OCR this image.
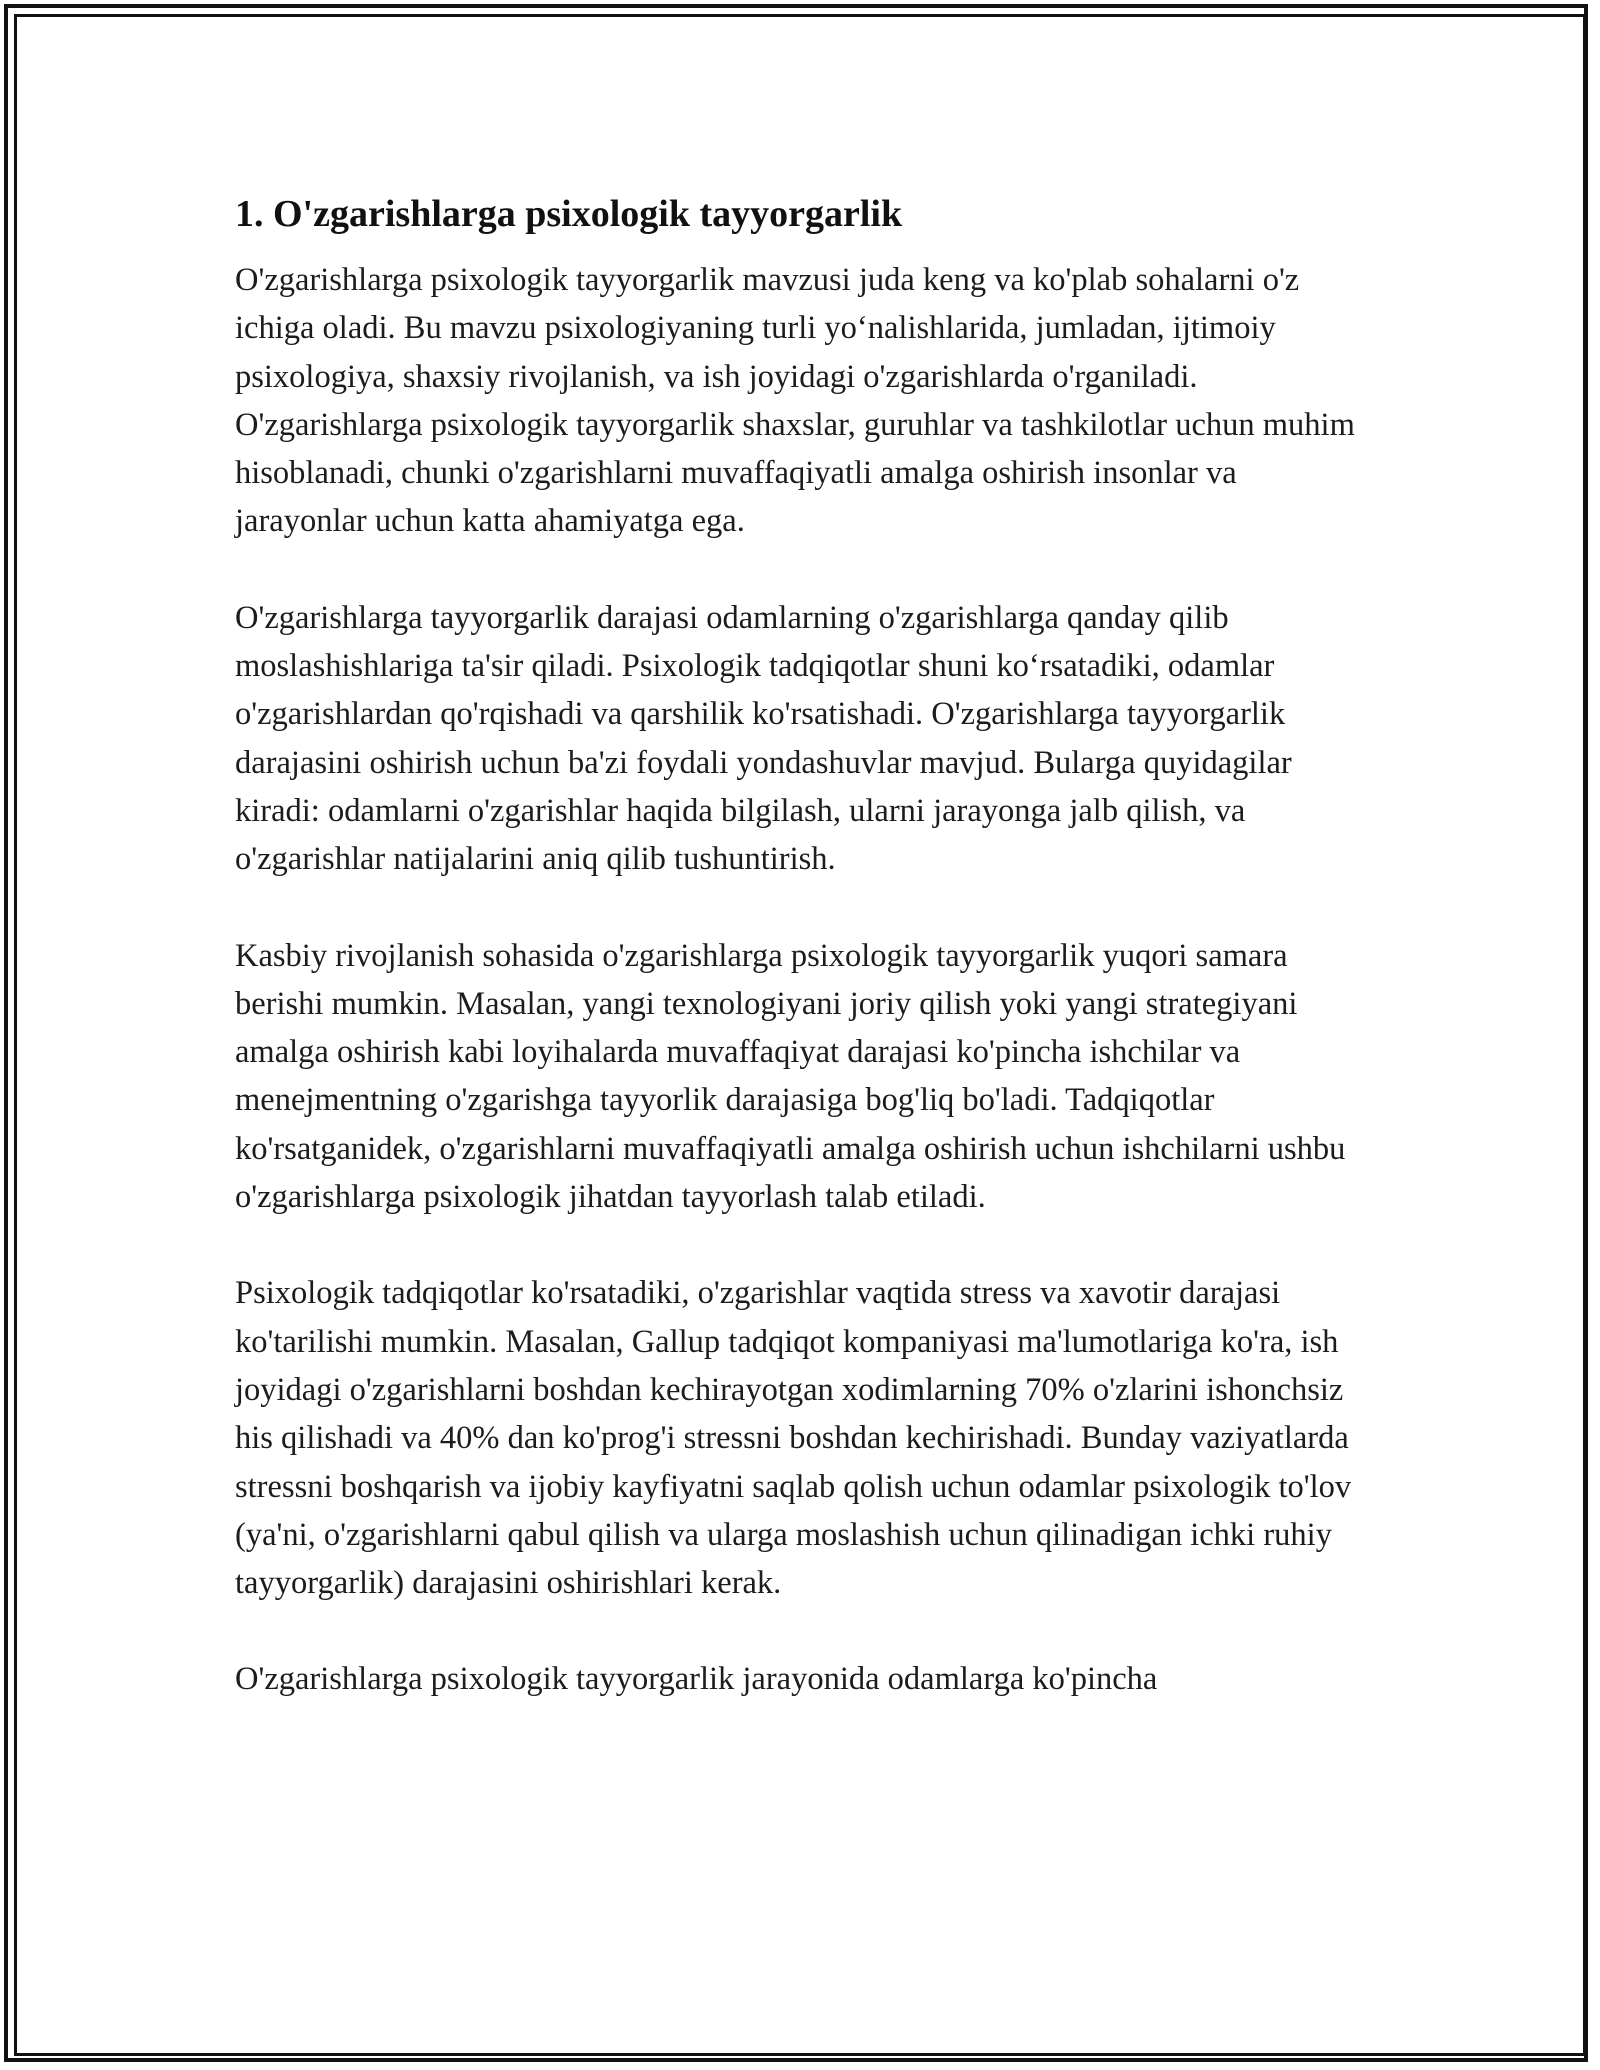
1. O'zgarishlarga psixologik tayyorgarlik

O'zgarishlarga psixologik tayyorgarlik mavzusi juda keng va ko'plab sohalarni o'z ichiga oladi. Bu mavzu psixologiyaning turli yo‘nalishlarida, jumladan, ijtimoiy psixologiya, shaxsiy rivojlanish, va ish joyidagi o'zgarishlarda o'rganiladi. O'zgarishlarga psixologik tayyorgarlik shaxslar, guruhlar va tashkilotlar uchun muhim hisoblanadi, chunki o'zgarishlarni muvaffaqiyatli amalga oshirish insonlar va jarayonlar uchun katta ahamiyatga ega.

O'zgarishlarga tayyorgarlik darajasi odamlarning o'zgarishlarga qanday qilib moslashishlariga ta'sir qiladi. Psixologik tadqiqotlar shuni ko‘rsatadiki, odamlar o'zgarishlardan qo'rqishadi va qarshilik ko'rsatishadi. O'zgarishlarga tayyorgarlik darajasini oshirish uchun ba'zi foydali yondashuvlar mavjud. Bularga quyidagilar kiradi: odamlarni o'zgarishlar haqida bilgilash, ularni jarayonga jalb qilish, va o'zgarishlar natijalarini aniq qilib tushuntirish.

Kasbiy rivojlanish sohasida o'zgarishlarga psixologik tayyorgarlik yuqori samara berishi mumkin. Masalan, yangi texnologiyani joriy qilish yoki yangi strategiyani amalga oshirish kabi loyihalarda muvaffaqiyat darajasi ko'pincha ishchilar va menejmentning o'zgarishga tayyorlik darajasiga bog'liq bo'ladi. Tadqiqotlar ko'rsatganidek, o'zgarishlarni muvaffaqiyatli amalga oshirish uchun ishchilarni ushbu o'zgarishlarga psixologik jihatdan tayyorlash talab etiladi.

Psixologik tadqiqotlar ko'rsatadiki, o'zgarishlar vaqtida stress va xavotir darajasi ko'tarilishi mumkin. Masalan, Gallup tadqiqot kompaniyasi ma'lumotlariga ko'ra, ish joyidagi o'zgarishlarni boshdan kechirayotgan xodimlarning 70% o'zlarini ishonchsiz his qilishadi va 40% dan ko'prog'i stressni boshdan kechirishadi. Bunday vaziyatlarda stressni boshqarish va ijobiy kayfiyatni saqlab qolish uchun odamlar psixologik to'lov (ya'ni, o'zgarishlarni qabul qilish va ularga moslashish uchun qilinadigan ichki ruhiy tayyorgarlik) darajasini oshirishlari kerak.

O'zgarishlarga psixologik tayyorgarlik jarayonida odamlarga ko'pincha
